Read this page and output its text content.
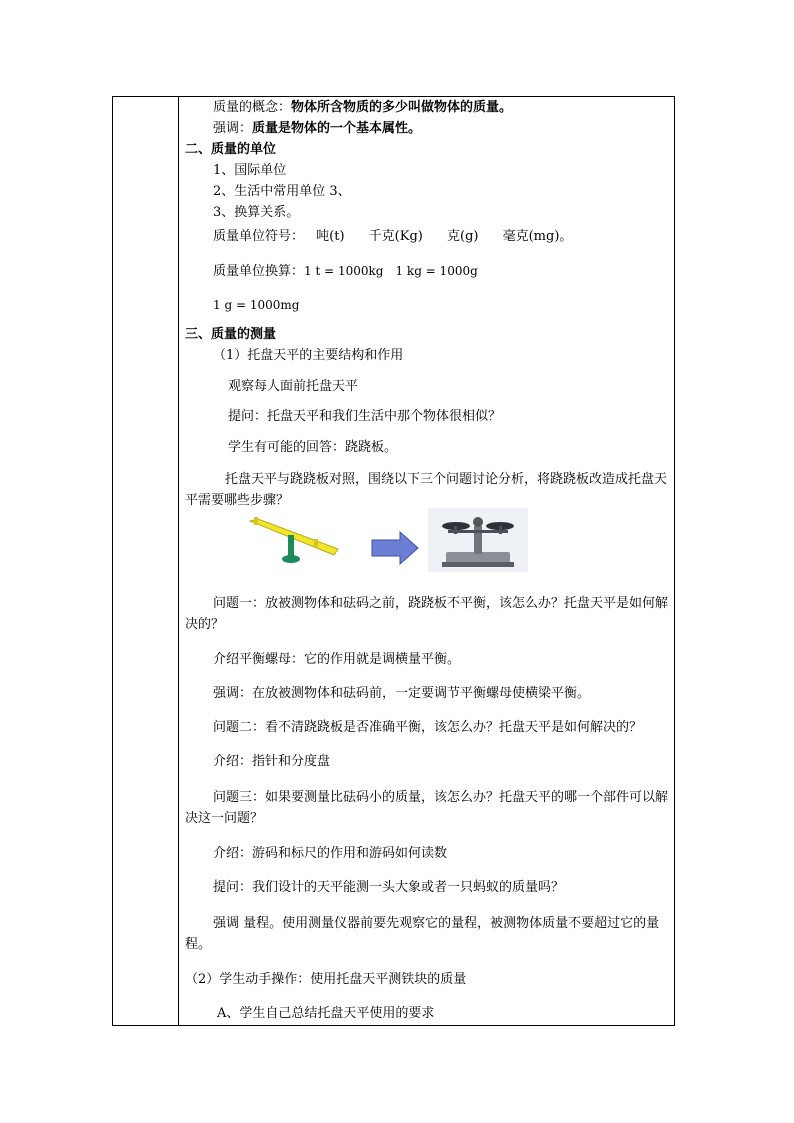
质量的概念：物体所含物质的多少叫做物体的质量。
强调：质量是物体的一个基本属性。
二、质量的单位
1、国际单位
2、生活中常用单位 3、
3、换算关系。
质量单位符号： 吨(t) 千克(Kg) 克(g) 毫克(mg)。
质量单位换算：1 t = 1000kg 1 kg = 1000g
1 g = 1000mg
三、质量的测量
（1）托盘天平的主要结构和作用
观察每人面前托盘天平
提问：托盘天平和我们生活中那个物体很相似？
学生有可能的回答：跷跷板。
托盘天平与跷跷板对照，围绕以下三个问题讨论分析，将跷跷板改造成托盘天平需要哪些步骤？
问题一：放被测物体和砝码之前，跷跷板不平衡，该怎么办？托盘天平是如何解决的？
介绍平衡螺母：它的作用就是调横量平衡。
强调：在放被测物体和砝码前，一定要调节平衡螺母使横梁平衡。
问题二：看不清跷跷板是否准确平衡，该怎么办？托盘天平是如何解决的？
介绍：指针和分度盘
问题三：如果要测量比砝码小的质量，该怎么办？托盘天平的哪一个部件可以解决这一问题？
介绍：游码和标尺的作用和游码如何读数
提问：我们设计的天平能测一头大象或者一只蚂蚁的质量吗？
强调 量程。使用测量仪器前要先观察它的量程，被测物体质量不要超过它的量程。
（2）学生动手操作：使用托盘天平测铁块的质量
A、学生自己总结托盘天平使用的要求
